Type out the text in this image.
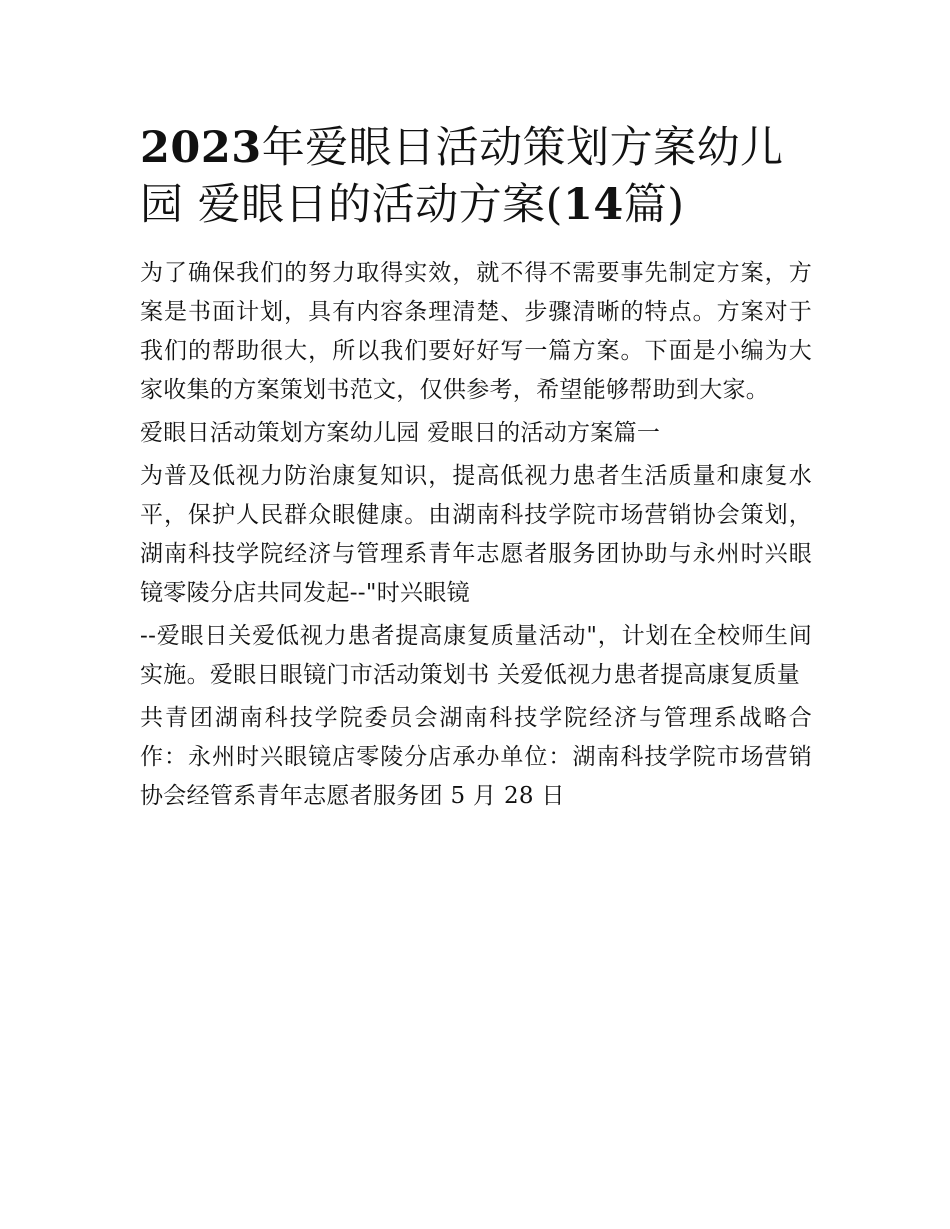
2023年爱眼日活动策划方案幼儿园 爱眼日的活动方案(14篇)

为了确保我们的努力取得实效，就不得不需要事先制定方案，方案是书面计划，具有内容条理清楚、步骤清晰的特点。方案对于我们的帮助很大，所以我们要好好写一篇方案。下面是小编为大家收集的方案策划书范文，仅供参考，希望能够帮助到大家。

爱眼日活动策划方案幼儿园 爱眼日的活动方案篇一

为普及低视力防治康复知识，提高低视力患者生活质量和康复水平，保护人民群众眼健康。由湖南科技学院市场营销协会策划，湖南科技学院经济与管理系青年志愿者服务团协助与永州时兴眼镜零陵分店共同发起--"时兴眼镜

--爱眼日关爱低视力患者提高康复质量活动"，计划在全校师生间实施。爱眼日眼镜门市活动策划书 关爱低视力患者提高康复质量

共青团湖南科技学院委员会湖南科技学院经济与管理系战略合作：永州时兴眼镜店零陵分店承办单位：湖南科技学院市场营销协会经管系青年志愿者服务团 5 月 28 日
